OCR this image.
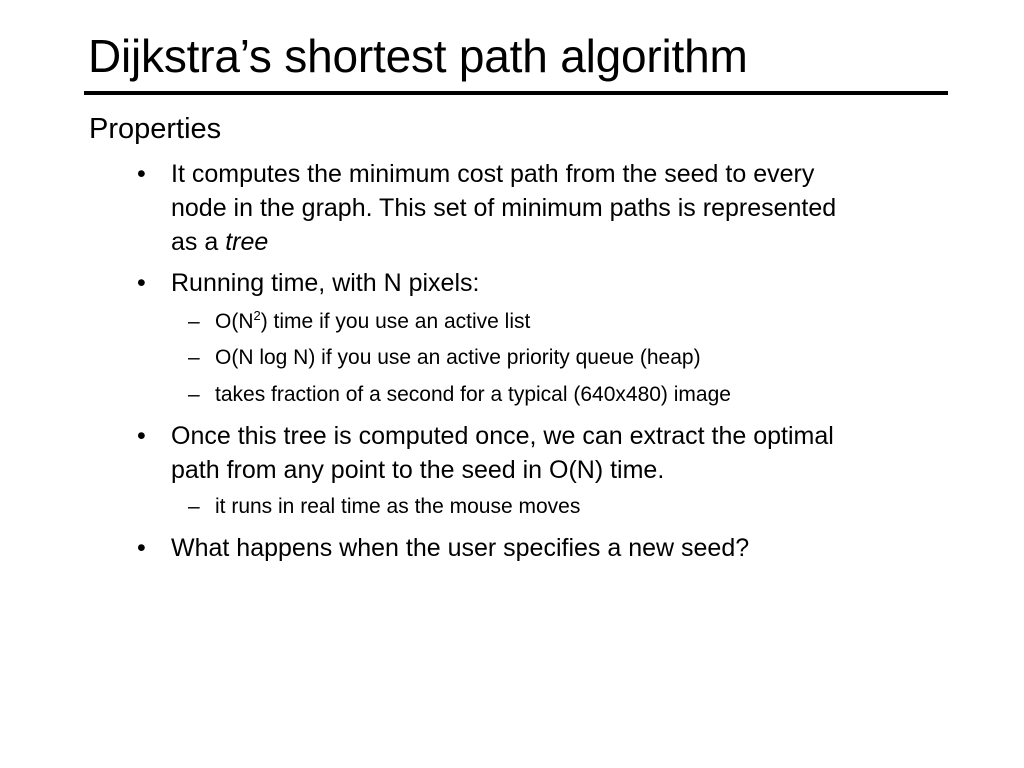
Dijkstra’s shortest path algorithm
Properties
•	It computes the minimum cost path from the seed to every
node in the graph. This set of minimum paths is represented
as a tree
•	Running time, with N pixels:
– $O(N^2)$ time if you use an active list
– O(N log N) if you use an active priority queue (heap)
– takes fraction of a second for a typical (640x480) image
•	Once this tree is computed once, we can extract the optimal
path from any point to the seed in O(N) time.
– it runs in real time as the mouse moves
•	What happens when the user specifies a new seed?
